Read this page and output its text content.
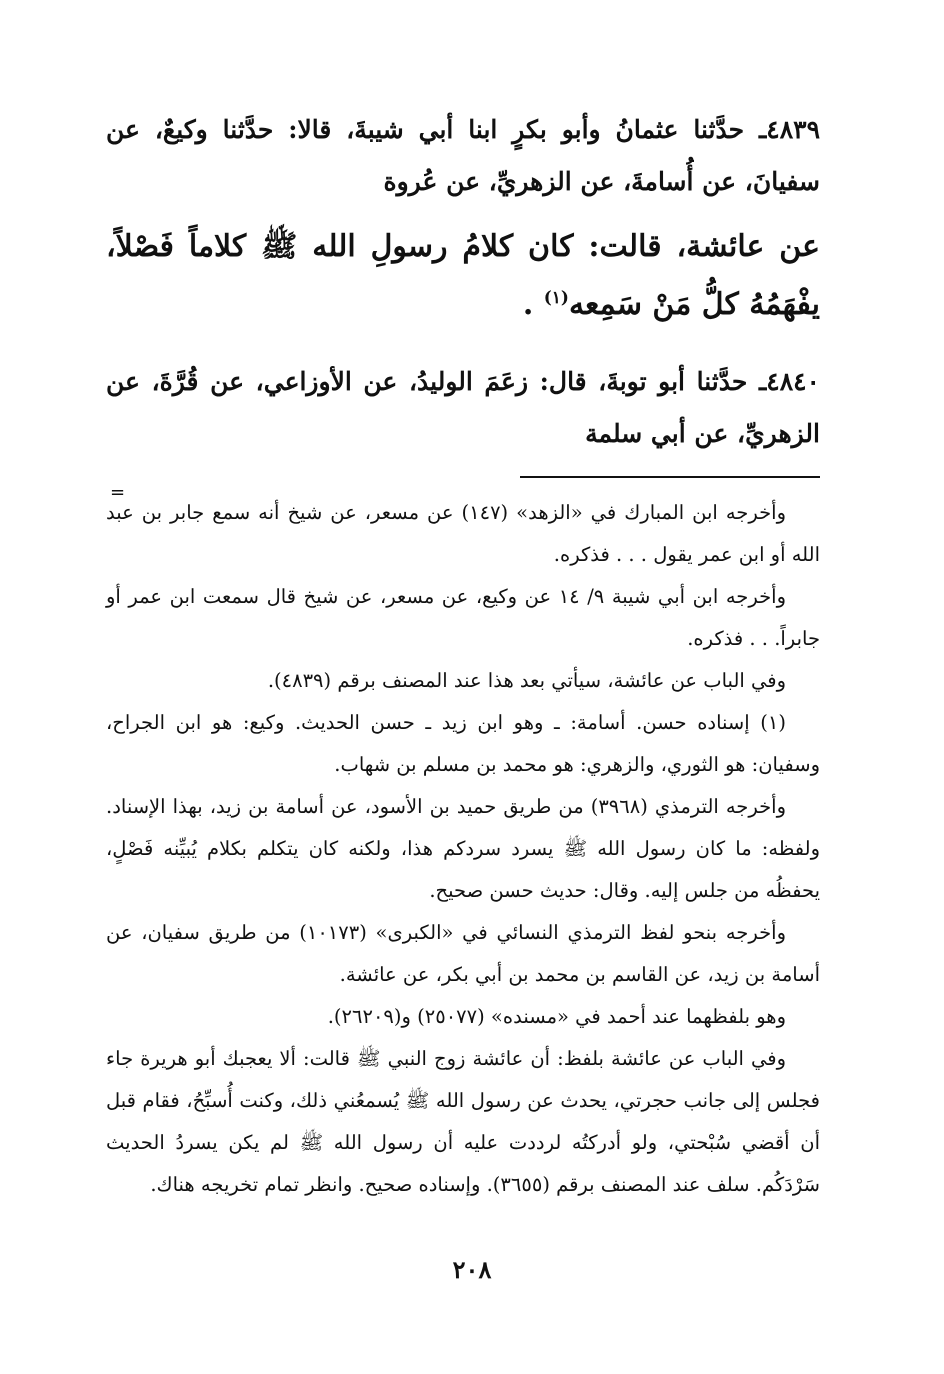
=

٤٨٣٩ـ حدَّثنا عثمانُ وأبو بكرٍ ابنا أبي شيبةَ، قالا: حدَّثنا وكيعٌ، عن سفيانَ، عن أُسامةَ، عن الزهريِّ، عن عُروة

عن عائشة، قالت: كان كلامُ رسولِ الله ﷺ كلاماً فَصْلاً، يفْهَمُهُ كلُّ مَنْ سَمِعه$^{(١)}$ .

٤٨٤٠ـ حدَّثنا أبو توبةَ، قال: زعَمَ الوليدُ، عن الأوزاعي، عن قُرَّةَ، عن الزهريِّ، عن أبي سلمة

وأخرجه ابن المبارك في «الزهد» (١٤٧) عن مسعر، عن شيخ أنه سمع جابر بن عبد الله أو ابن عمر يقول . . . فذكره.

وأخرجه ابن أبي شيبة ٩/ ١٤ عن وكيع، عن مسعر، عن شيخ قال سمعت ابن عمر أو جابراً. . . فذكره.

وفي الباب عن عائشة، سيأتي بعد هذا عند المصنف برقم (٤٨٣٩).

(١) إسناده حسن. أسامة: ـ وهو ابن زيد ـ حسن الحديث. وكيع: هو ابن الجراح، وسفيان: هو الثوري، والزهري: هو محمد بن مسلم بن شهاب.

وأخرجه الترمذي (٣٩٦٨) من طريق حميد بن الأسود، عن أسامة بن زيد، بهذا الإسناد. ولفظه: ما كان رسول الله ﷺ يسرد سردكم هذا، ولكنه كان يتكلم بكلام يُبيِّنه فَصْلٍ، يحفظُه من جلس إليه. وقال: حديث حسن صحيح.

وأخرجه بنحو لفظ الترمذي النسائي في «الكبرى» (١٠١٧٣) من طريق سفيان، عن أسامة بن زيد، عن القاسم بن محمد بن أبي بكر، عن عائشة.

وهو بلفظهما عند أحمد في «مسنده» (٢٥٠٧٧) و(٢٦٢٠٩).

وفي الباب عن عائشة بلفظ: أن عائشة زوج النبي ﷺ قالت: ألا يعجبك أبو هريرة جاء فجلس إلى جانب حجرتي، يحدث عن رسول الله ﷺ يُسمعُني ذلك، وكنت أُسبِّحُ، فقام قبل أن أقضي سُبْحتي، ولو أدركتُه لرددت عليه أن رسول الله ﷺ لم يكن يسردُ الحديث سَرْدَكُم. سلف عند المصنف برقم (٣٦٥٥). وإسناده صحيح. وانظر تمام تخريجه هناك.

٢٠٨
